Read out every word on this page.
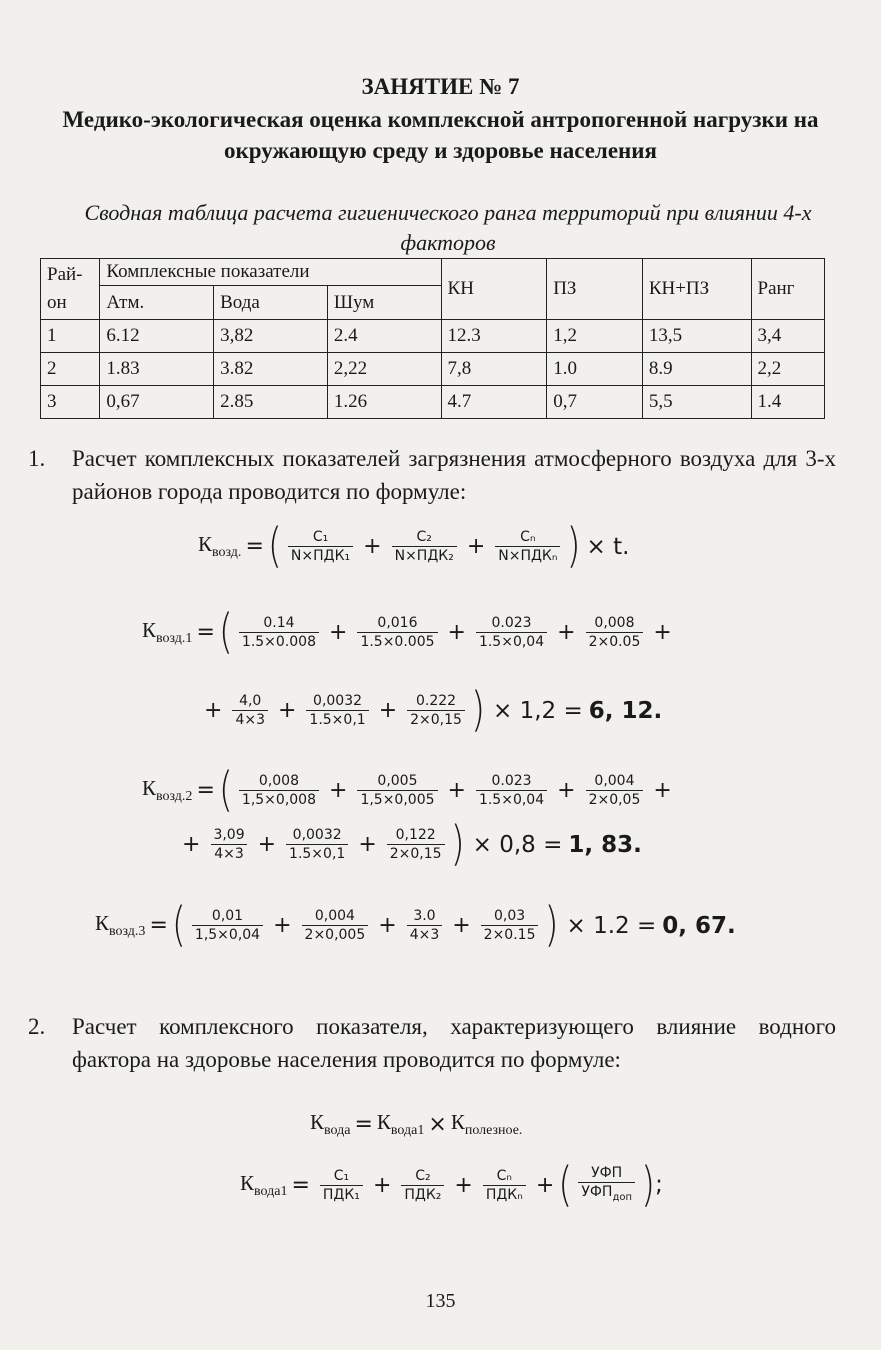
ЗАНЯТИЕ № 7
Медико-экологическая оценка комплексной антропогенной нагрузки на окружающую среду и здоровье населения
Сводная таблица расчета гигиенического ранга территорий при влиянии 4-х факторов
Рай-он	Комплексные показатели			КН	ПЗ	КН+ПЗ	Ранг
	Атм.	Вода	Шум				
1	6.12	3,82	2.4	12.3	1,2	13,5	3,4
2	1.83	3.82	2,22	7,8	1.0	8.9	2,2
3	0,67	2.85	1.26	4.7	0,7	5,5	1.4
1. Расчет комплексных показателей загрязнения атмосферного воздуха для 3-х районов города проводится по формуле:
$К_{возд.}$ = ( $\frac{\text{C₁}}{\text{N×ПДК₁}} + \frac{\text{C₂}}{\text{N×ПДК₂}} + \frac{\text{Cₙ}}{\text{N×ПДКₙ}}$ ) × t.
$К_{возд.1}$ = ( $\frac{0.14}{1.5\times 0.008} + \frac{0,016}{1.5\times 0.005} + \frac{0.023}{1.5\times 0,04} + \frac{0,008}{2\times 0.05}$ +
+ $\frac{4,0}{4\times 3} + \frac{0,0032}{1.5\times 0,1} + \frac{0.222}{2\times 0,15}$ ) × 1,2 = 6, 12.
$К_{возд.2}$ = ( $\frac{0,008}{1,5\times 0,008} + \frac{0,005}{1,5\times 0,005} + \frac{0.023}{1.5\times 0,04} + \frac{0,004}{2\times 0,05}$ +
+ $\frac{3,09}{4\times 3} + \frac{0,0032}{1.5\times 0,1} + \frac{0,122}{2\times 0,15}$ ) × 0,8 = 1, 83.
$К_{возд.3}$ = ( $\frac{0,01}{1,5\times 0,04} + \frac{0,004}{2\times 0,005} + \frac{3.0}{4\times 3} + \frac{0,03}{2\times 0.15}$ ) × 1.2 = 0, 67.
2. Расчет комплексного показателя, характеризующего влияние водного фактора на здоровье населения проводится по формуле:
$К_{вода} = К_{вода1} \times К_{полезное.}$
$К_{вода1} = \frac{\text{C₁}}{\text{ПДК₁}} + \frac{\text{C₂}}{\text{ПДК₂}} + \frac{\text{Cₙ}}{\text{ПДКₙ}}$ + ( $\frac{\text{УФП}}{УФП_{доп}}$ ) ;
135
